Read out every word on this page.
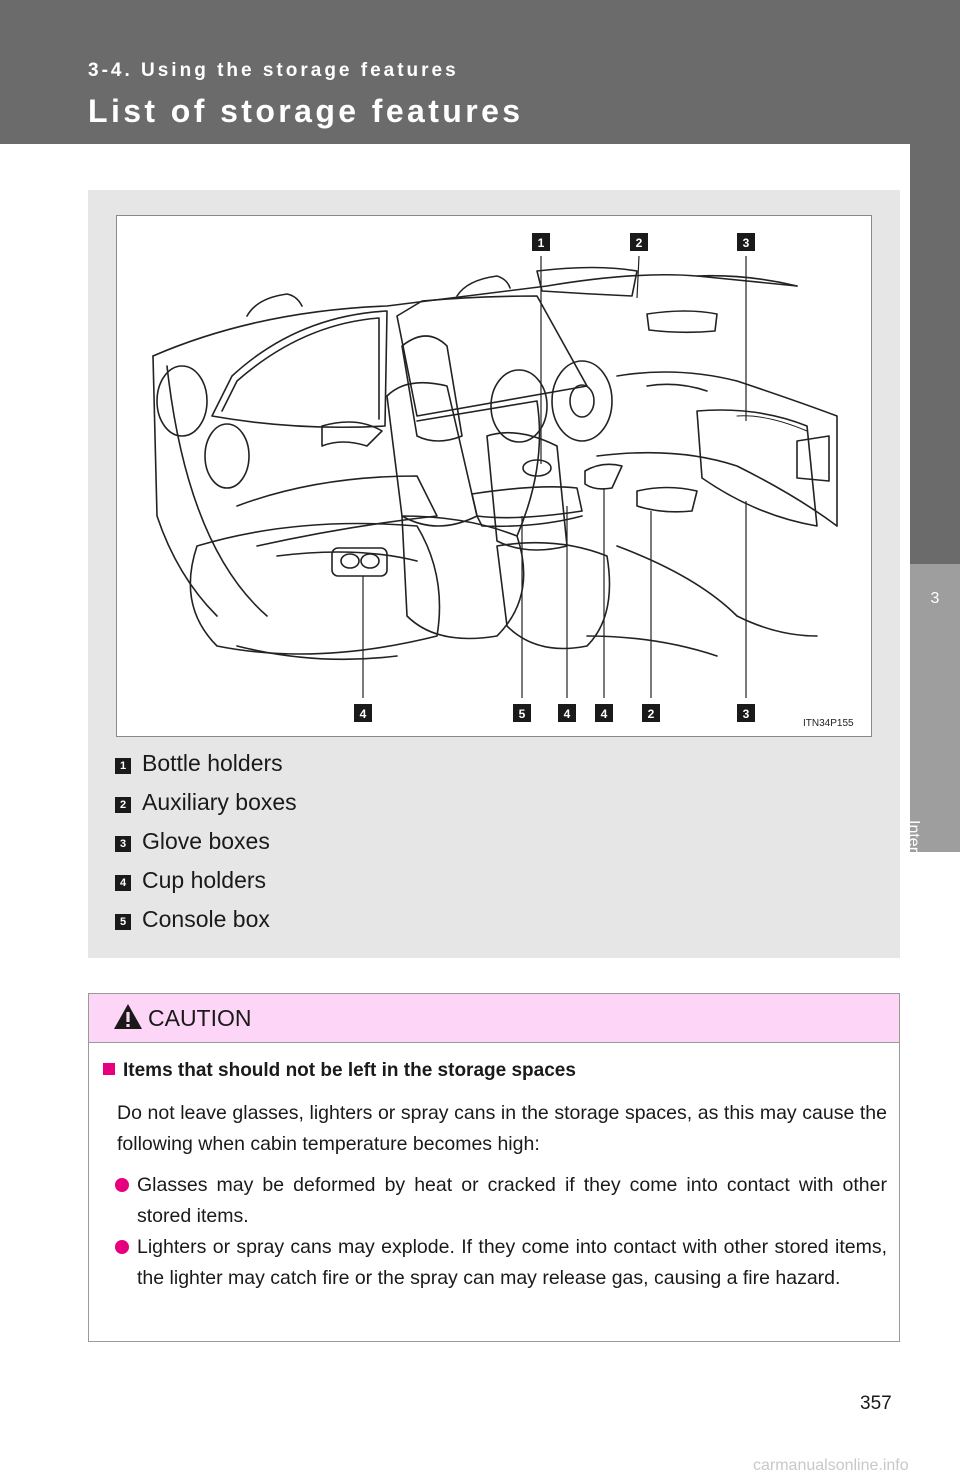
3-4. Using the storage features
List of storage features
3
Interior features
1	2	3
4	5	4	4	2	3
ITN34P155
1 Bottle holders
2 Auxiliary boxes
3 Glove boxes
4 Cup holders
5 Console box
CAUTION
Items that should not be left in the storage spaces
Do not leave glasses, lighters or spray cans in the storage spaces, as this may cause the following when cabin temperature becomes high:
Glasses may be deformed by heat or cracked if they come into contact with other stored items.
Lighters or spray cans may explode. If they come into contact with other stored items, the lighter may catch fire or the spray can may release gas, causing a fire hazard.
357
carmanualsonline.info
